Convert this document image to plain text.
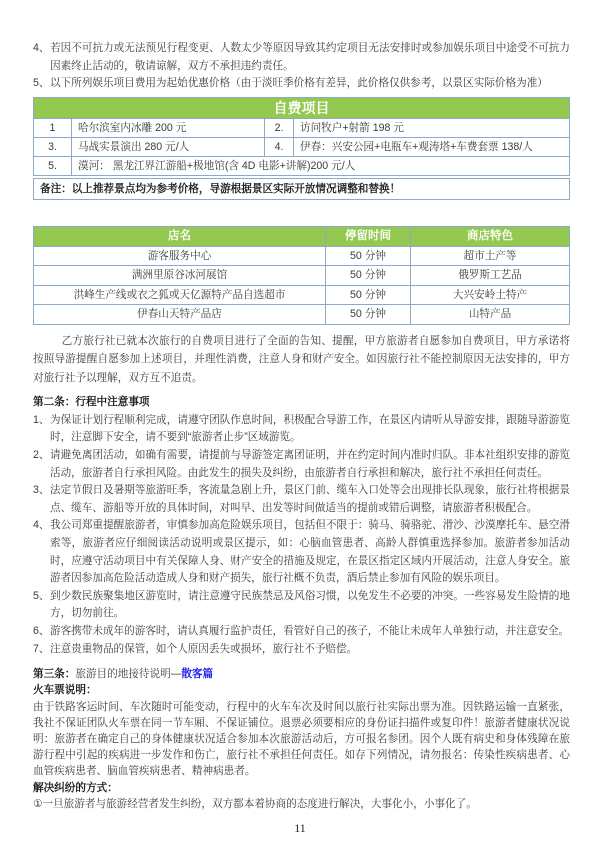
4、 若因不可抗力或无法预见行程变更、人数太少等原因导致其约定项目无法安排时或参加娱乐项目中途受不可抗力因素终止活动的，敬请谅解，双方不承担违约责任。
5、 以下所列娱乐项目费用为起始优惠价格（由于淡旺季价格有差异，此价格仅供参考，以景区实际价格为准）
自费项目			
1	哈尔滨室内冰雕 200 元	2.	访问牧户+射箭 198 元
3.	马战实景演出 280 元/人	4.	伊春：兴安公园+电瓶车+观涛塔+车费套票 138/人
5.	漠河： 黑龙江界江游船+极地馆(含 4D 电影+讲解)200 元/人		
备注：以上推荐景点均为参考价格，导游根据景区实际开放情况调整和替换！
店名	停留时间	商店特色
游客服务中心	50 分钟	超市土产等
满洲里原谷冰河展馆	50 分钟	俄罗斯工艺品
洪峰生产线或衣之狐或天亿源特产品自选超市	50 分钟	大兴安岭土特产
伊春山天特产品店	50 分钟	山特产品

乙方旅行社已就本次旅行的自费项目进行了全面的告知、提醒，甲方旅游者自愿参加自费项目，甲方承诺将按照导游提醒自愿参加上述项目，并理性消费，注意人身和财产安全。如因旅行社不能控制原因无法安排的，甲方对旅行社予以理解，双方互不追责。

第二条：行程中注意事项
1、 为保证计划行程顺利完成，请遵守团队作息时间，积极配合导游工作，在景区内请听从导游安排，跟随导游游览时，注意脚下安全，请不要到“旅游者止步”区域游览。
2、 请避免离团活动，如确有需要，请提前与导游签定离团证明，并在约定时间内准时归队。非本社组织安排的游览活动，旅游者自行承担风险。由此发生的损失及纠纷，由旅游者自行承担和解决，旅行社不承担任何责任。
3、 法定节假日及暑期等旅游旺季，客流量急剧上升，景区门前、缆车入口处等会出现排长队现象，旅行社将根据景点、缆车、游船等开放的具体时间，对叫早、出发等时间做适当的提前或错后调整，请旅游者积极配合。
4、 我公司郑重提醒旅游者，审慎参加高危险娱乐项目，包括但不限于：骑马、骑骆驼、滑沙、沙漠摩托车、悬空滑索等，旅游者应仔细阅读活动说明或景区提示，如：心脑血管患者、高龄人群慎重选择参加。旅游者参加活动时，应遵守活动项目中有关保障人身、财产安全的措施及规定，在景区指定区域内开展活动，注意人身安全。旅游者因参加高危险活动造成人身和财产损失，旅行社概不负责，酒后禁止参加有风险的娱乐项目。
5、 到少数民族聚集地区游览时，请注意遵守民族禁忌及风俗习惯，以免发生不必要的冲突。一些容易发生险情的地方，切勿前往。
6、 游客携带未成年的游客时，请认真履行监护责任，看管好自己的孩子，不能让未成年人单独行动，并注意安全。
7、 注意贵重物品的保管，如个人原因丢失或损坏，旅行社不予赔偿。
第三条：旅游目的地接待说明—散客篇
火车票说明：
由于铁路客运时间、车次随时可能变动，行程中的火车车次及时间以旅行社实际出票为准。因铁路运输一直紧张，我社不保证团队火车票在同一节车厢、不保证铺位。退票必须要相应的身份证扫描件或复印件！旅游者健康状况说明：旅游者在确定自己的身体健康状况适合参加本次旅游活动后，方可报名参团。因个人既有病史和身体残障在旅游行程中引起的疾病进一步发作和伤亡，旅行社不承担任何责任。如存下列情况，请勿报名：传染性疾病患者、心血管疾病患者、脑血管疾病患者、精神病患者。
解决纠纷的方式：
①一旦旅游者与旅游经营者发生纠纷，双方都本着协商的态度进行解决，大事化小，小事化了。
11
